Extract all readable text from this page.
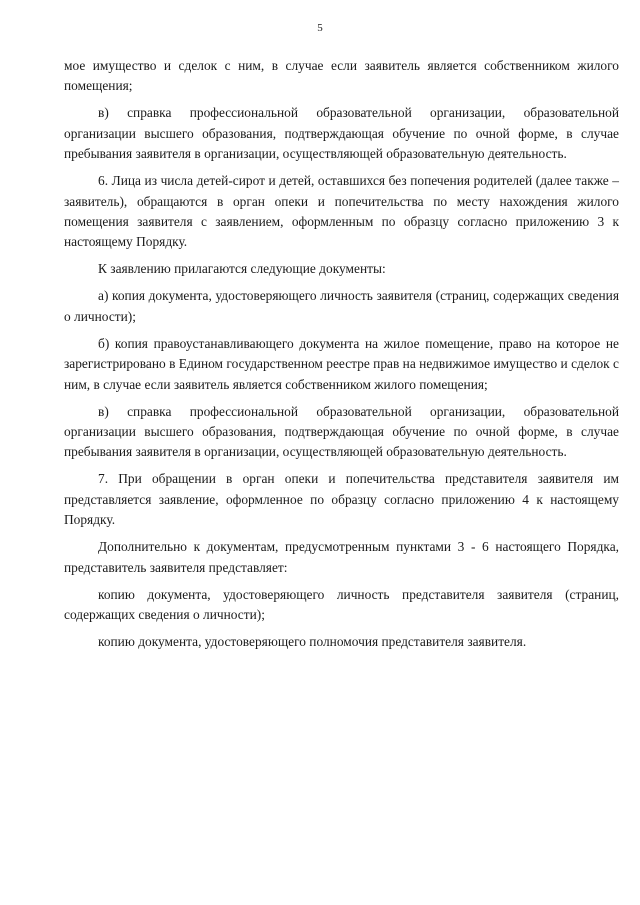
5

мое имущество и сделок с ним, в случае если заявитель является собственником жилого помещения;

в) справка профессиональной образовательной организации, образовательной организации высшего образования, подтверждающая обучение по очной форме, в случае пребывания заявителя в организации, осуществляющей образовательную деятельность.

6. Лица из числа детей-сирот и детей, оставшихся без попечения родителей (далее также – заявитель), обращаются в орган опеки и попечительства по месту нахождения жилого помещения заявителя с заявлением, оформленным по образцу согласно приложению 3 к настоящему Порядку.

К заявлению прилагаются следующие документы:

а) копия документа, удостоверяющего личность заявителя (страниц, содержащих сведения о личности);

б) копия правоустанавливающего документа на жилое помещение, право на которое не зарегистрировано в Едином государственном реестре прав на недвижимое имущество и сделок с ним, в случае если заявитель является собственником жилого помещения;

в) справка профессиональной образовательной организации, образовательной организации высшего образования, подтверждающая обучение по очной форме, в случае пребывания заявителя в организации, осуществляющей образовательную деятельность.

7. При обращении в орган опеки и попечительства представителя заявителя им представляется заявление, оформленное по образцу согласно приложению 4 к настоящему Порядку.

Дополнительно к документам, предусмотренным пунктами 3 - 6 настоящего Порядка, представитель заявителя представляет:

копию документа, удостоверяющего личность представителя заявителя (страниц, содержащих сведения о личности);

копию документа, удостоверяющего полномочия представителя заявителя.
